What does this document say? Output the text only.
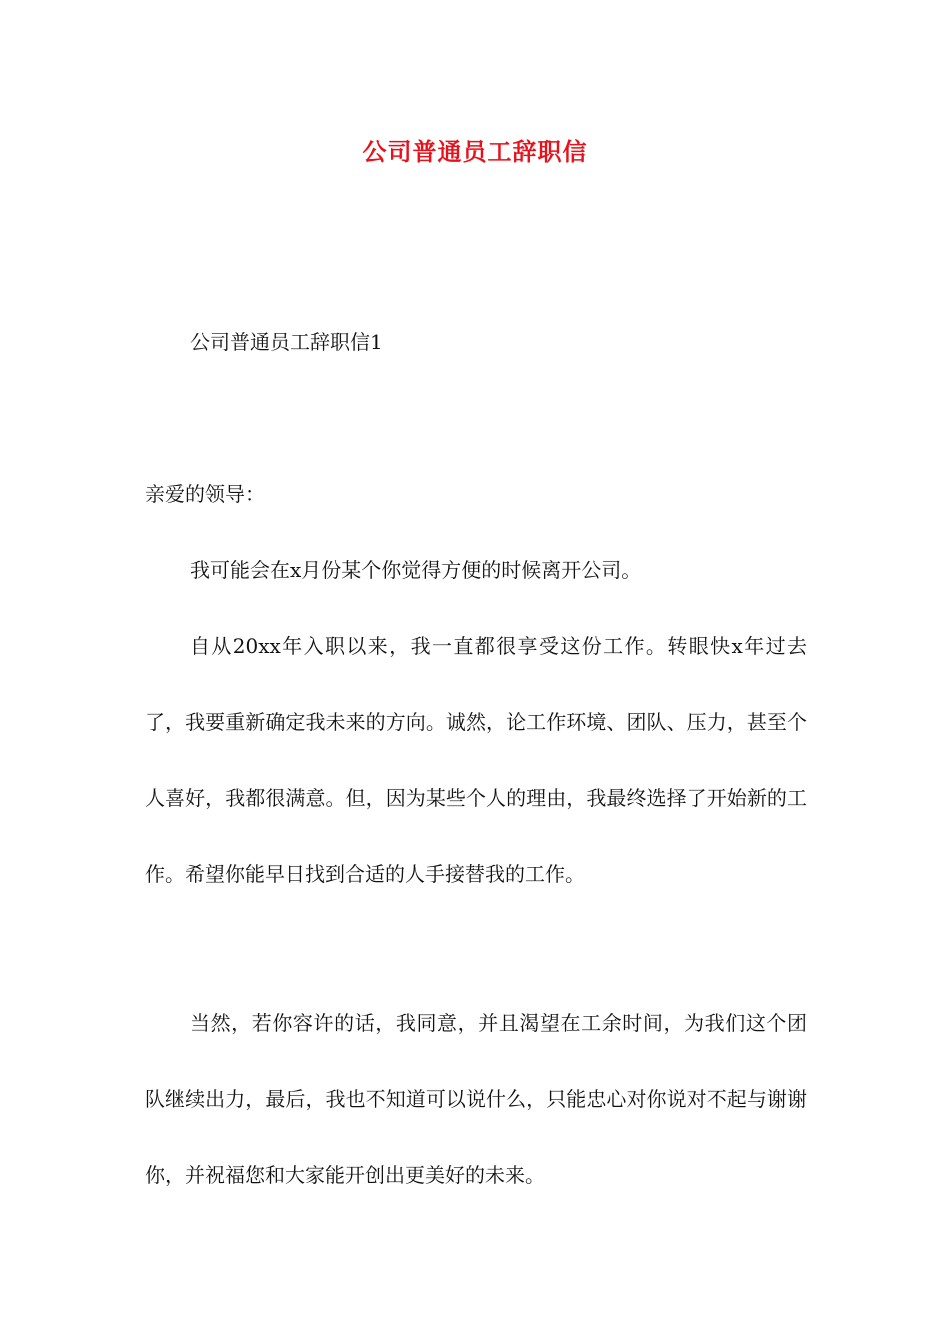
公司普通员工辞职信

公司普通员工辞职信1

亲爱的领导：

我可能会在x月份某个你觉得方便的时候离开公司。

自从20xx年入职以来，我一直都很享受这份工作。转眼快x年过去了，我要重新确定我未来的方向。诚然，论工作环境、团队、压力，甚至个人喜好，我都很满意。但，因为某些个人的理由，我最终选择了开始新的工作。希望你能早日找到合适的人手接替我的工作。

当然，若你容许的话，我同意，并且渴望在工余时间，为我们这个团队继续出力，最后，我也不知道可以说什么，只能忠心对你说对不起与谢谢你，并祝福您和大家能开创出更美好的未来。
